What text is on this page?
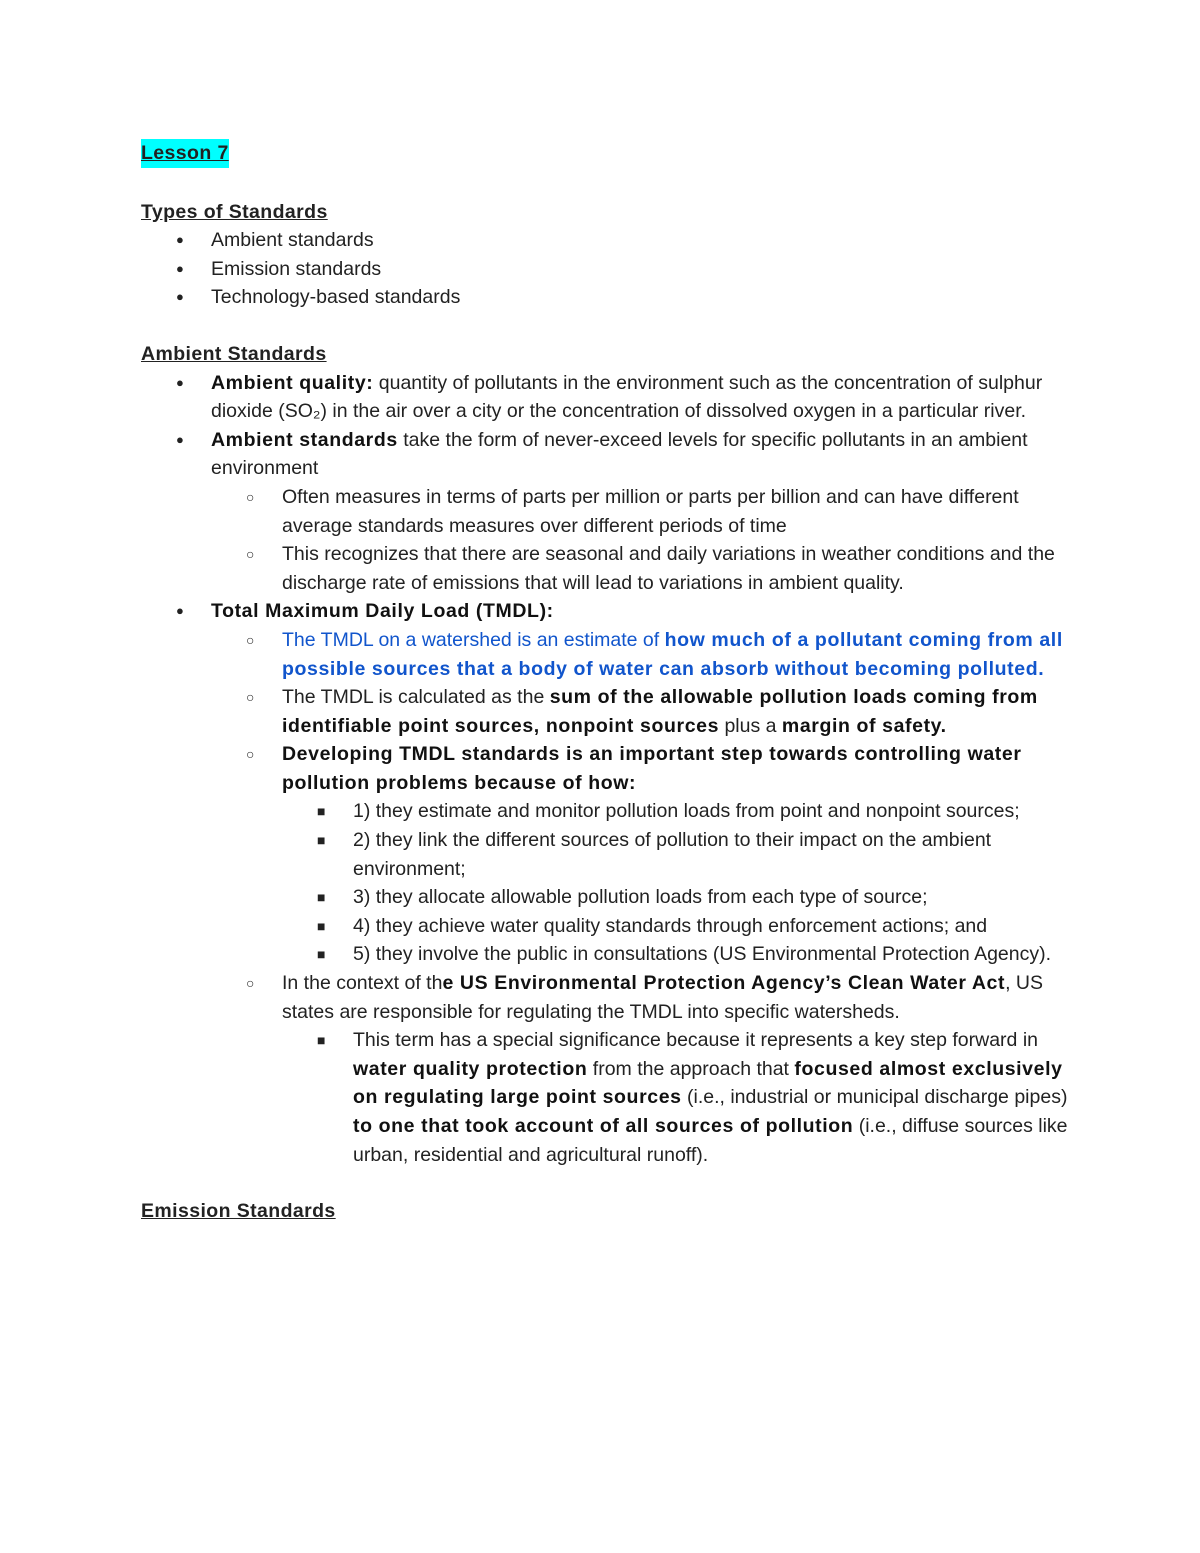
Lesson 7
Types of Standards
● Ambient standards
● Emission standards
● Technology-based standards
Ambient Standards
● Ambient quality: quantity of pollutants in the environment such as the concentration of sulphur dioxide (SO₂) in the air over a city or the concentration of dissolved oxygen in a particular river.
● Ambient standards take the form of never-exceed levels for specific pollutants in an ambient environment
○ Often measures in terms of parts per million or parts per billion and can have different average standards measures over different periods of time
○ This recognizes that there are seasonal and daily variations in weather conditions and the discharge rate of emissions that will lead to variations in ambient quality.
● Total Maximum Daily Load (TMDL):
○ The TMDL on a watershed is an estimate of how much of a pollutant coming from all possible sources that a body of water can absorb without becoming polluted.
○ The TMDL is calculated as the sum of the allowable pollution loads coming from identifiable point sources, nonpoint sources plus a margin of safety.
○ Developing TMDL standards is an important step towards controlling water pollution problems because of how:
■ 1) they estimate and monitor pollution loads from point and nonpoint sources;
■ 2) they link the different sources of pollution to their impact on the ambient environment;
■ 3) they allocate allowable pollution loads from each type of source;
■ 4) they achieve water quality standards through enforcement actions; and
■ 5) they involve the public in consultations (US Environmental Protection Agency).
○ In the context of the US Environmental Protection Agency’s Clean Water Act, US states are responsible for regulating the TMDL into specific watersheds.
■ This term has a special significance because it represents a key step forward in water quality protection from the approach that focused almost exclusively on regulating large point sources (i.e., industrial or municipal discharge pipes) to one that took account of all sources of pollution (i.e., diffuse sources like urban, residential and agricultural runoff).
Emission Standards
